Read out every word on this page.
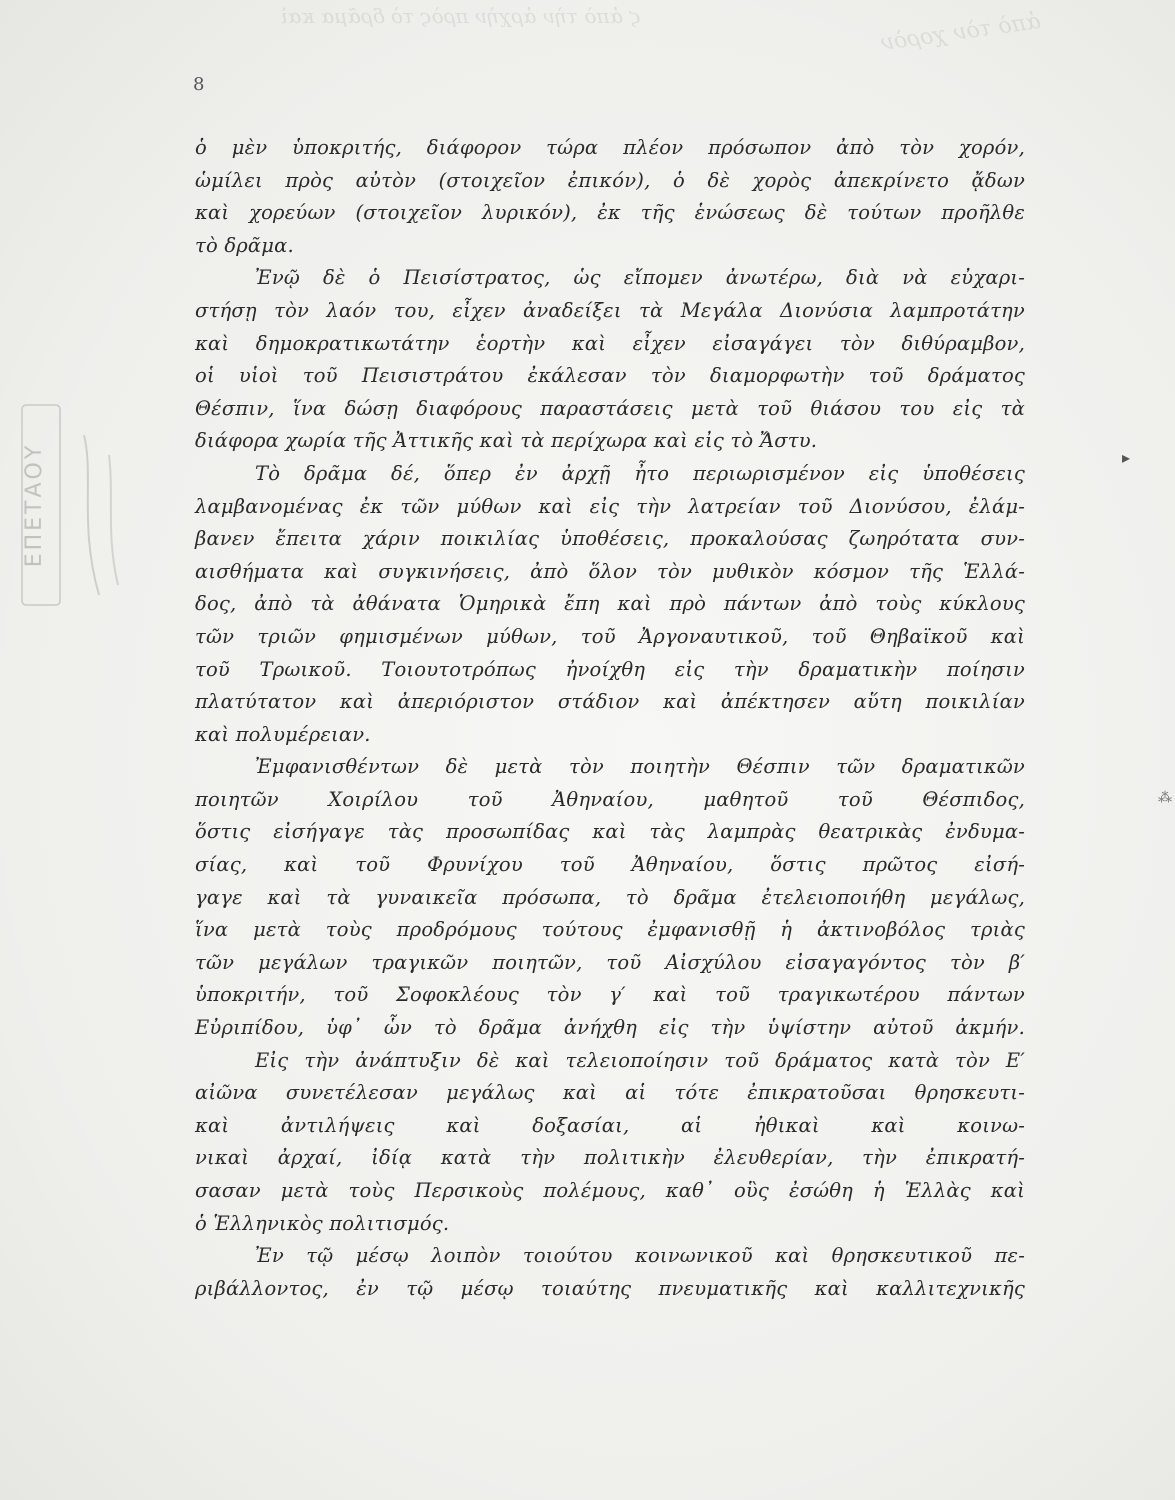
ϛ ἀπὸ τὴν ἀρχὴν πρὸς τὸ δρᾶμα καὶ	ἀπὸ τὸν χορὸν
8
ΕΠΕΤΑΟΥ	▸
⁂
ὁ μὲν ὑποκριτής, διάφορον τώρα πλέον πρόσωπον ἀπὸ τὸν χορόν,
ὡμίλει πρὸς αὐτὸν (στοιχεῖον ἐπικόν), ὁ δὲ χορὸς ἀπεκρίνετο ᾄδων
καὶ χορεύων (στοιχεῖον λυρικόν), ἐκ τῆς ἑνώσεως δὲ τούτων προῆλθε
τὸ δρᾶμα.
Ἐνῷ δὲ ὁ Πεισίστρατος, ὡς εἴπομεν ἀνωτέρω, διὰ νὰ εὐχαρι-
στήσῃ τὸν λαόν του, εἶχεν ἀναδείξει τὰ Μεγάλα Διονύσια λαμπροτάτην
καὶ δημοκρατικωτάτην ἑορτὴν καὶ εἶχεν εἰσαγάγει τὸν διθύραμβον,
οἱ υἱοὶ τοῦ Πεισιστράτου ἐκάλεσαν τὸν διαμορφωτὴν τοῦ δράματος
Θέσπιν, ἵνα δώσῃ διαφόρους παραστάσεις μετὰ τοῦ θιάσου του εἰς τὰ
διάφορα χωρία τῆς Ἀττικῆς καὶ τὰ περίχωρα καὶ εἰς τὸ Ἄστυ.
Τὸ δρᾶμα δέ, ὅπερ ἐν ἀρχῇ ἦτο περιωρισμένον εἰς ὑποθέσεις
λαμβανομένας ἐκ τῶν μύθων καὶ εἰς τὴν λατρείαν τοῦ Διονύσου, ἐλάμ-
βανεν ἔπειτα χάριν ποικιλίας ὑποθέσεις, προκαλούσας ζωηρότατα συν-
αισθήματα καὶ συγκινήσεις, ἀπὸ ὅλον τὸν μυθικὸν κόσμον τῆς Ἑλλά-
δος, ἀπὸ τὰ ἀθάνατα Ὁμηρικὰ ἔπη καὶ πρὸ πάντων ἀπὸ τοὺς κύκλους
τῶν τριῶν φημισμένων μύθων, τοῦ Ἀργοναυτικοῦ, τοῦ Θηβαϊκοῦ καὶ
τοῦ Τρωικοῦ. Τοιουτοτρόπως ἠνοίχθη εἰς τὴν δραματικὴν ποίησιν
πλατύτατον καὶ ἀπεριόριστον στάδιον καὶ ἀπέκτησεν αὕτη ποικιλίαν
καὶ πολυμέρειαν.
Ἐμφανισθέντων δὲ μετὰ τὸν ποιητὴν Θέσπιν τῶν δραματικῶν
ποιητῶν Χοιρίλου τοῦ Ἀθηναίου, μαθητοῦ τοῦ Θέσπιδος,
ὅστις εἰσήγαγε τὰς προσωπίδας καὶ τὰς λαμπρὰς θεατρικὰς ἐνδυμα-
σίας, καὶ τοῦ Φρυνίχου τοῦ Ἀθηναίου, ὅστις πρῶτος εἰσή-
γαγε καὶ τὰ γυναικεῖα πρόσωπα, τὸ δρᾶμα ἐτελειοποιήθη μεγάλως,
ἵνα μετὰ τοὺς προδρόμους τούτους ἐμφανισθῇ ἡ ἀκτινοβόλος τριὰς
τῶν μεγάλων τραγικῶν ποιητῶν, τοῦ Αἰσχύλου εἰσαγαγόντος τὸν β′
ὑποκριτήν, τοῦ Σοφοκλέους τὸν γ′ καὶ τοῦ τραγικωτέρου πάντων
Εὐριπίδου, ὑφ᾽ ὧν τὸ δρᾶμα ἀνήχθη εἰς τὴν ὑψίστην αὐτοῦ ἀκμήν.
Εἰς τὴν ἀνάπτυξιν δὲ καὶ τελειοποίησιν τοῦ δράματος κατὰ τὸν Ε′
αἰῶνα συνετέλεσαν μεγάλως καὶ αἱ τότε ἐπικρατοῦσαι θρησκευτι-
καὶ ἀντιλήψεις καὶ δοξασίαι, αἱ ἠθικαὶ καὶ κοινω-
νικαὶ ἀρχαί, ἰδίᾳ κατὰ τὴν πολιτικὴν ἐλευθερίαν, τὴν ἐπικρατή-
σασαν μετὰ τοὺς Περσικοὺς πολέμους, καθ᾽ οὓς ἐσώθη ἡ Ἑλλὰς καὶ
ὁ Ἑλληνικὸς πολιτισμός.
Ἐν τῷ μέσῳ λοιπὸν τοιούτου κοινωνικοῦ καὶ θρησκευτικοῦ πε-
ριβάλλοντος, ἐν τῷ μέσῳ τοιαύτης πνευματικῆς καὶ καλλιτεχνικῆς
